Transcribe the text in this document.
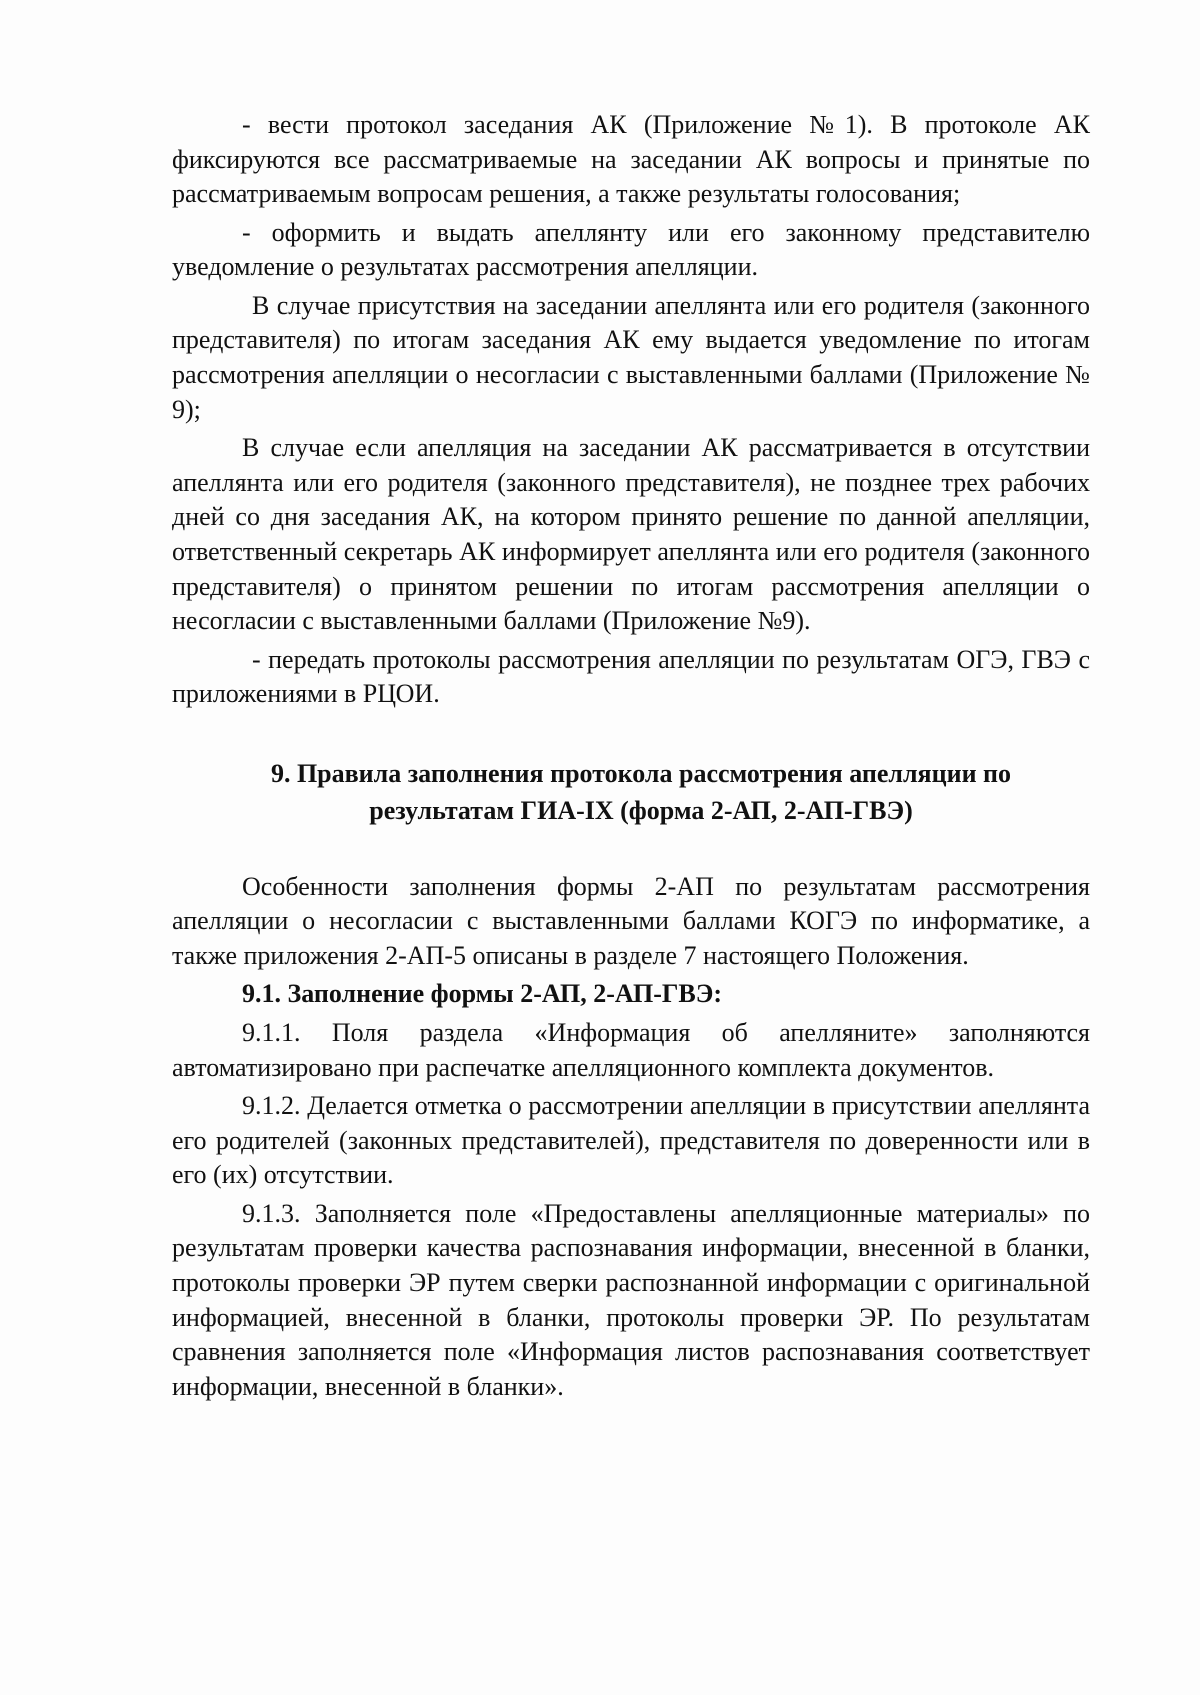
- вести протокол заседания АК (Приложение №1). В протоколе АК фиксируются все рассматриваемые на заседании АК вопросы и принятые по рассматриваемым вопросам решения, а также результаты голосования;

- оформить и выдать апеллянту или его законному представителю уведомление о результатах рассмотрения апелляции.

В случае присутствия на заседании апеллянта или его родителя (законного представителя) по итогам заседания АК ему выдается уведомление по итогам рассмотрения апелляции о несогласии с выставленными баллами (Приложение № 9);

В случае если апелляция на заседании АК рассматривается в отсутствии апеллянта или его родителя (законного представителя), не позднее трех рабочих дней со дня заседания АК, на котором принято решение по данной апелляции, ответственный секретарь АК информирует апеллянта или его родителя (законного представителя) о принятом решении по итогам рассмотрения апелляции о несогласии с выставленными баллами (Приложение №9).

- передать протоколы рассмотрения апелляции по результатам ОГЭ, ГВЭ с приложениями в РЦОИ.

9. Правила заполнения протокола рассмотрения апелляции по
результатам ГИА-IX (форма 2-АП, 2-АП-ГВЭ)

Особенности заполнения формы 2-АП по результатам рассмотрения апелляции о несогласии с выставленными баллами КОГЭ по информатике, а также приложения 2-АП-5 описаны в разделе 7 настоящего Положения.

9.1. Заполнение формы 2-АП, 2-АП-ГВЭ:

9.1.1. Поля раздела «Информация об апелляните» заполняются автоматизировано при распечатке апелляционного комплекта документов.

9.1.2. Делается отметка о рассмотрении апелляции в присутствии апеллянта его родителей (законных представителей), представителя по доверенности или в его (их) отсутствии.

9.1.3. Заполняется поле «Предоставлены апелляционные материалы» по результатам проверки качества распознавания информации, внесенной в бланки, протоколы проверки ЭР путем сверки распознанной информации с оригинальной информацией, внесенной в бланки, протоколы проверки ЭР. По результатам сравнения заполняется поле «Информация листов распознавания соответствует информации, внесенной в бланки».
